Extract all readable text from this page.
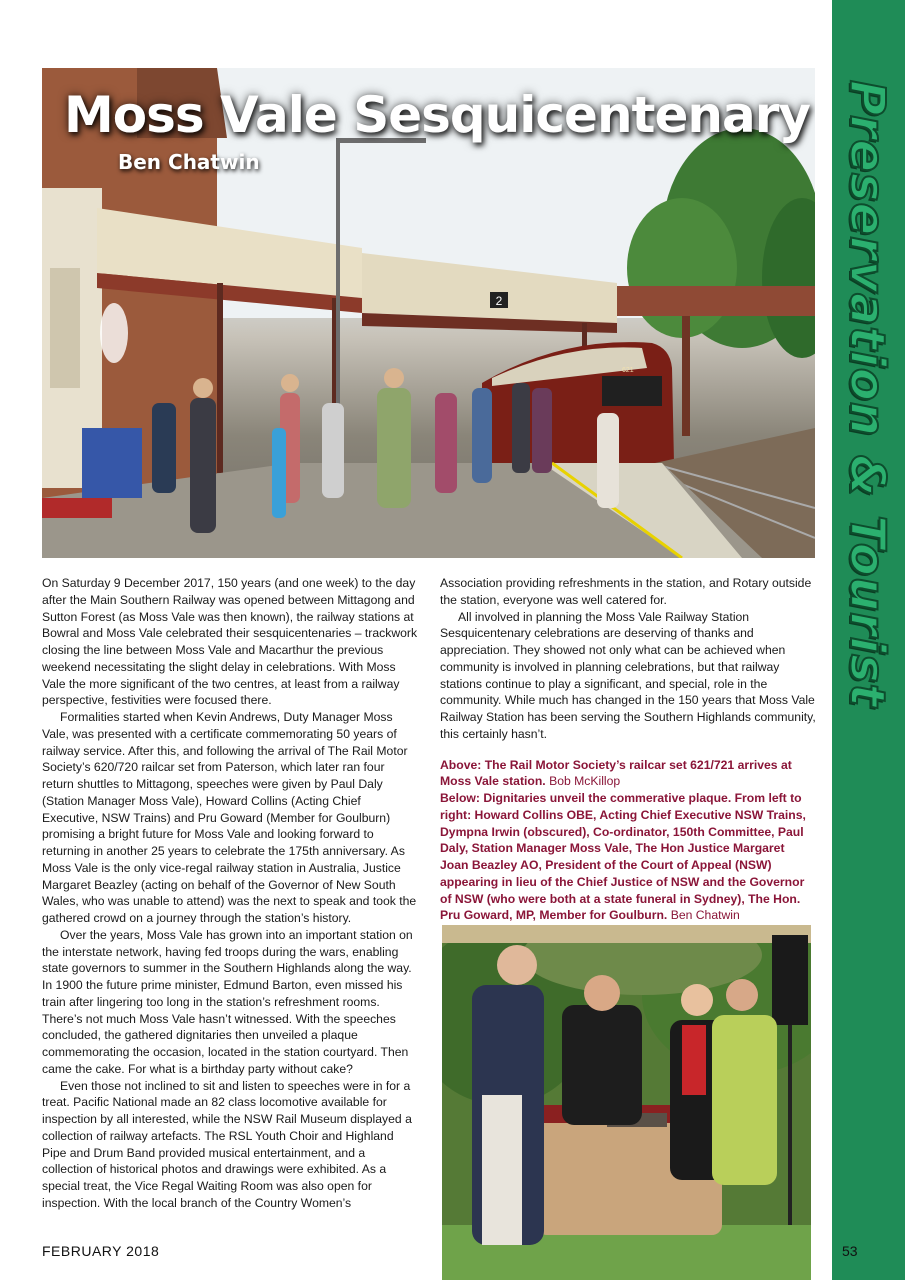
Preservation & Tourist
2
621
Moss Vale Sesquicentenary
Ben Chatwin

On Saturday 9 December 2017, 150 years (and one week) to the day after the Main Southern Railway was opened between Mittagong and Sutton Forest (as Moss Vale was then known), the railway stations at Bowral and Moss Vale celebrated their sesquicentenaries – trackwork closing the line between Moss Vale and Macarthur the previous weekend necessitating the slight delay in celebrations. With Moss Vale the more significant of the two centres, at least from a railway perspective, festivities were focused there.

Formalities started when Kevin Andrews, Duty Manager Moss Vale, was presented with a certificate commemorating 50 years of railway service. After this, and following the arrival of The Rail Motor Society’s 620/720 railcar set from Paterson, which later ran four return shuttles to Mittagong, speeches were given by Paul Daly (Station Manager Moss Vale), Howard Collins (Acting Chief Executive, NSW Trains) and Pru Goward (Member for Goulburn) promising a bright future for Moss Vale and looking forward to returning in another 25 years to celebrate the 175th anniversary. As Moss Vale is the only vice-regal railway station in Australia, Justice Margaret Beazley (acting on behalf of the Governor of New South Wales, who was unable to attend) was the next to speak and took the gathered crowd on a journey through the station’s history.

Over the years, Moss Vale has grown into an important station on the interstate network, having fed troops during the wars, enabling state governors to summer in the Southern Highlands along the way. In 1900 the future prime minister, Edmund Barton, even missed his train after lingering too long in the station’s refreshment rooms. There’s not much Moss Vale hasn’t witnessed. With the speeches concluded, the gathered dignitaries then unveiled a plaque commemorating the occasion, located in the station courtyard. Then came the cake. For what is a birthday party without cake?

Even those not inclined to sit and listen to speeches were in for a treat. Pacific National made an 82 class locomotive available for inspection by all interested, while the NSW Rail Museum displayed a collection of railway artefacts. The RSL Youth Choir and Highland Pipe and Drum Band provided musical entertainment, and a collection of historical photos and drawings were exhibited. As a special treat, the Vice Regal Waiting Room was also open for inspection. With the local branch of the Country Women’s

Association providing refreshments in the station, and Rotary outside the station, everyone was well catered for.

All involved in planning the Moss Vale Railway Station Sesquicentenary celebrations are deserving of thanks and appreciation. They showed not only what can be achieved when community is involved in planning celebrations, but that railway stations continue to play a significant, and special, role in the community. While much has changed in the 150 years that Moss Vale Railway Station has been serving the Southern Highlands community, this certainly hasn’t.

Above: The Rail Motor Society’s railcar set 621/721 arrives at Moss Vale station. Bob McKillop
Below: Dignitaries unveil the commerative plaque. From left to right: Howard Collins OBE, Acting Chief Executive NSW Trains, Dympna Irwin (obscured), Co-ordinator, 150th Committee, Paul Daly, Station Manager Moss Vale, The Hon Justice Margaret Joan Beazley AO, President of the Court of Appeal (NSW) appearing in lieu of the Chief Justice of NSW and the Governor of NSW (who were both at a state funeral in Sydney), The Hon. Pru Goward, MP, Member for Goulburn. Ben Chatwin
FEBRUARY 2018	53
